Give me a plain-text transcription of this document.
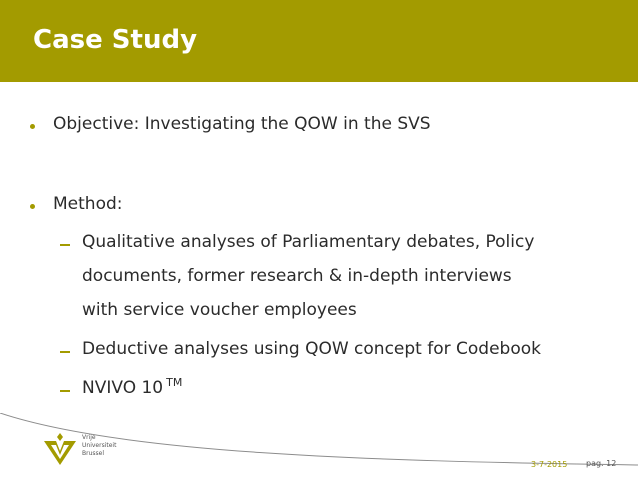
Case Study
Objective: Investigating the QOW in the SVS
Method:
Qualitative analyses of Parliamentary debates, Policy
documents, former research & in-depth interviews
with service voucher employees
Deductive analyses using QOW concept for Codebook
NVIVO 10 ™
Vrije
Universiteit
Brussel
3-7-2015 pag. 12
